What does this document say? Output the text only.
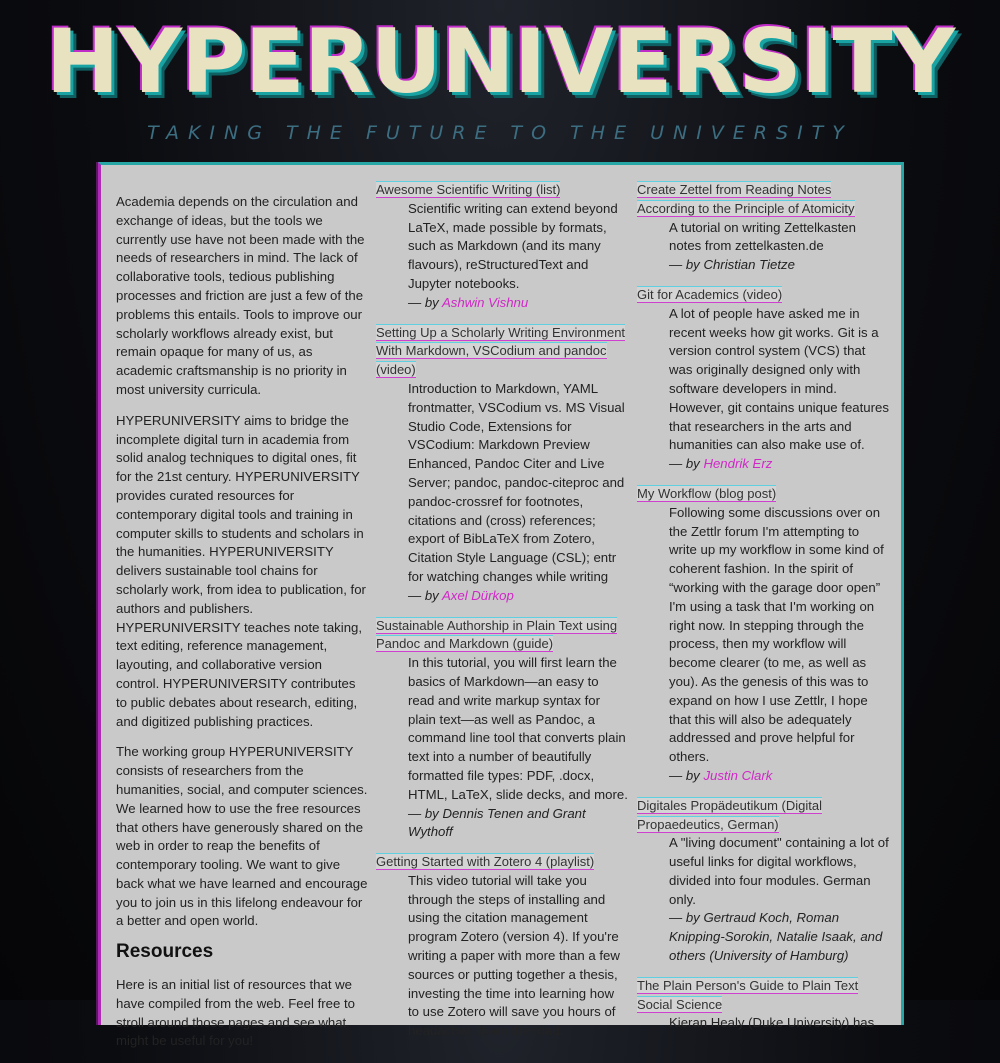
HYPERUNIVERSITY
TAKING THE FUTURE TO THE UNIVERSITY

Academia depends on the circulation and exchange of ideas, but the tools we currently use have not been made with the needs of researchers in mind. The lack of collaborative tools, tedious publishing processes and friction are just a few of the problems this entails. Tools to improve our scholarly workflows already exist, but remain opaque for many of us, as academic craftsmanship is no priority in most university curricula.

HYPERUNIVERSITY aims to bridge the incomplete digital turn in academia from solid analog techniques to digital ones, fit for the 21st century. HYPERUNIVERSITY provides curated resources for contemporary digital tools and training in computer skills to students and scholars in the humanities. HYPERUNIVERSITY delivers sustainable tool chains for scholarly work, from idea to publication, for authors and publishers. HYPERUNIVERSITY teaches note taking, text editing, reference management, layouting, and collaborative version control. HYPERUNIVERSITY contributes to public debates about research, editing, and digitized publishing practices.

The working group HYPERUNIVERSITY consists of researchers from the humanities, social, and computer sciences. We learned how to use the free resources that others have generously shared on the web in order to reap the benefits of contemporary tooling. We want to give back what we have learned and encourage you to join us in this lifelong endeavour for a better and open world.

Resources

Here is an initial list of resources that we have compiled from the web. Feel free to stroll around those pages and see what might be useful for you!

Awesome Scientific Writing (list)

Scientific writing can extend beyond LaTeX, made possible by formats, such as Markdown (and its many flavours), reStructuredText and Jupyter notebooks.

— by Ashwin Vishnu

Setting Up a Scholarly Writing Environment With Markdown, VSCodium and pandoc (video)

Introduction to Markdown, YAML frontmatter, VSCodium vs. MS Visual Studio Code, Extensions for VSCodium: Markdown Preview Enhanced, Pandoc Citer and Live Server; pandoc, pandoc-citeproc and pandoc-crossref for footnotes, citations and (cross) references; export of BibLaTeX from Zotero, Citation Style Language (CSL); entr for watching changes while writing

— by Axel Dürkop

Sustainable Authorship in Plain Text using Pandoc and Markdown (guide)

In this tutorial, you will first learn the basics of Markdown—an easy to read and write markup syntax for plain text—as well as Pandoc, a command line tool that converts plain text into a number of beautifully formatted file types: PDF, .docx, HTML, LaTeX, slide decks, and more.

— by Dennis Tenen and Grant Wythoff

Getting Started with Zotero 4 (playlist)

This video tutorial will take you through the steps of installing and using the citation management program Zotero (version 4). If you're writing a paper with more than a few sources or putting together a thesis, investing the time into learning how to use Zotero will save you hours of headaches down the road.

Create Zettel from Reading Notes According to the Principle of Atomicity

A tutorial on writing Zettelkasten notes from zettelkasten.de

— by Christian Tietze

Git for Academics (video)

A lot of people have asked me in recent weeks how git works. Git is a version control system (VCS) that was originally designed only with software developers in mind. However, git contains unique features that researchers in the arts and humanities can also make use of.

— by Hendrik Erz

My Workflow (blog post)

Following some discussions over on the Zettlr forum I'm attempting to write up my workflow in some kind of coherent fashion. In the spirit of “working with the garage door open” I'm using a task that I'm working on right now. In stepping through the process, then my workflow will become clearer (to me, as well as you). As the genesis of this was to expand on how I use Zettlr, I hope that this will also be adequately addressed and prove helpful for others.

— by Justin Clark

Digitales Propädeutikum (Digital Propaedeutics, German)

A "living document" containing a lot of useful links for digital workflows, divided into four modules. German only.

— by Gertraud Koch, Roman Knipping-Sorokin, Natalie Isaak, and others (University of Hamburg)

The Plain Person's Guide to Plain Text Social Science

Kieran Healy (Duke University) has
